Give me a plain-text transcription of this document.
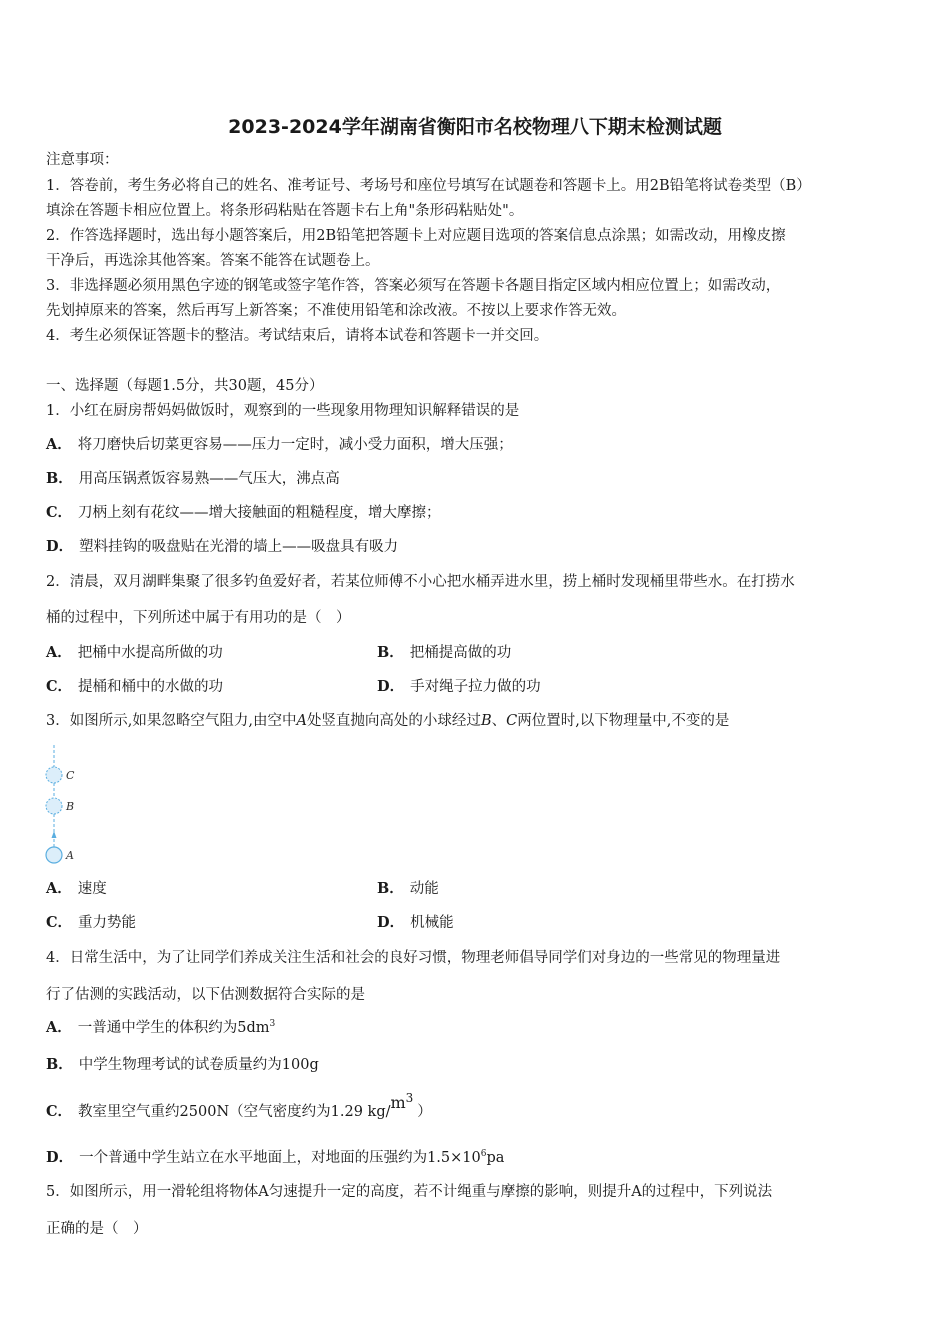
2023-2024学年湖南省衡阳市名校物理八下期末检测试题
注意事项：
1．答卷前，考生务必将自己的姓名、准考证号、考场号和座位号填写在试题卷和答题卡上。用2B铅笔将试卷类型（B）
填涂在答题卡相应位置上。将条形码粘贴在答题卡右上角"条形码粘贴处"。
2．作答选择题时，选出每小题答案后，用2B铅笔把答题卡上对应题目选项的答案信息点涂黑；如需改动，用橡皮擦
干净后，再选涂其他答案。答案不能答在试题卷上。
3．非选择题必须用黑色字迹的钢笔或签字笔作答，答案必须写在答题卡各题目指定区域内相应位置上；如需改动，
先划掉原来的答案，然后再写上新答案；不准使用铅笔和涂改液。不按以上要求作答无效。
4．考生必须保证答题卡的整洁。考试结束后，请将本试卷和答题卡一并交回。
一、选择题（每题1.5分，共30题，45分）
1．小红在厨房帮妈妈做饭时，观察到的一些现象用物理知识解释错误的是
A． 将刀磨快后切菜更容易——压力一定时，减小受力面积，增大压强；
B． 用高压锅煮饭容易熟——气压大，沸点高
C． 刀柄上刻有花纹——增大接触面的粗糙程度，增大摩擦；
D． 塑料挂钩的吸盘贴在光滑的墙上——吸盘具有吸力
2．清晨，双月湖畔集聚了很多钓鱼爱好者，若某位师傅不小心把水桶弄进水里，捞上桶时发现桶里带些水。在打捞水
桶的过程中，下列所述中属于有用功的是（　）
A． 把桶中水提高所做的功	B． 把桶提高做的功
C． 提桶和桶中的水做的功	D． 手对绳子拉力做的功
3．如图所示,如果忽略空气阻力,由空中A处竖直抛向高处的小球经过B、C两位置时,以下物理量中,不变的是
C
B
A
A． 速度	B． 动能
C． 重力势能	D． 机械能
4．日常生活中，为了让同学们养成关注生活和社会的良好习惯，物理老师倡导同学们对身边的一些常见的物理量进
行了估测的实践活动，以下估测数据符合实际的是
A． 一普通中学生的体积约为$5dm^3$
B． 中学生物理考试的试卷质量约为100g
C． 教室里空气重约2500N（空气密度约为1.29 $kg/m^3$）
D． 一个普通中学生站立在水平地面上，对地面的压强约为$1.5\times 10^6pa$
5．如图所示，用一滑轮组将物体A匀速提升一定的高度，若不计绳重与摩擦的影响，则提升A的过程中，下列说法
正确的是（　）
